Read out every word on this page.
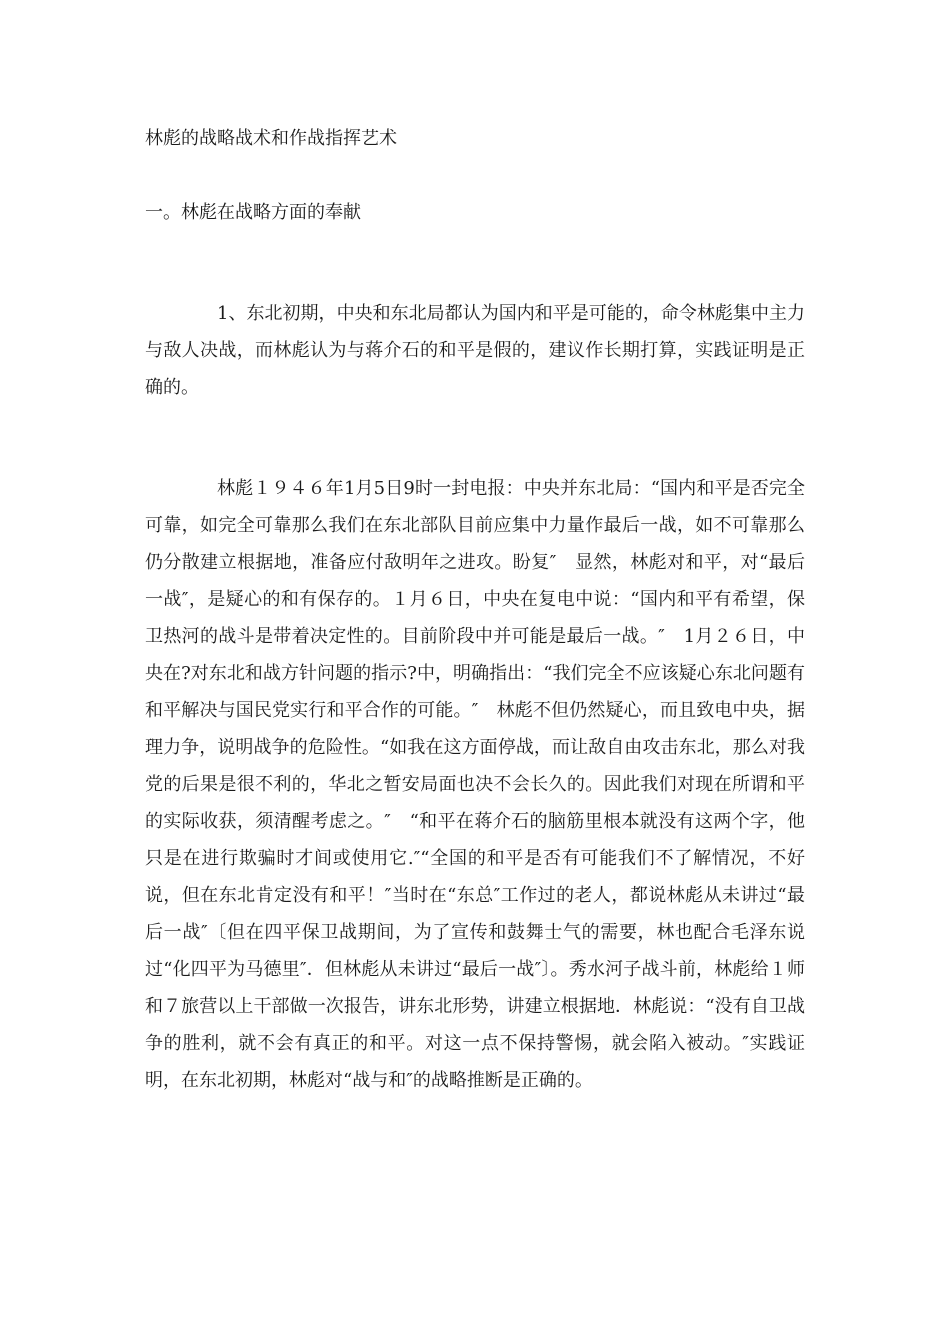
林彪的战略战术和作战指挥艺术
一。林彪在战略方面的奉献

1、东北初期，中央和东北局都认为国内和平是可能的，命令林彪集中主力与敌人决战，而林彪认为与蒋介石的和平是假的，建议作长期打算，实践证明是正确的。

林彪１９４６年1月5日9时一封电报：中央并东北局：“国内和平是否完全可靠，如完全可靠那么我们在东北部队目前应集中力量作最后一战，如不可靠那么仍分散建立根据地，准备应付敌明年之进攻。盼复″　显然，林彪对和平，对“最后一战″，是疑心的和有保存的。１月６日，中央在复电中说：“国内和平有希望，保卫热河的战斗是带着决定性的。目前阶段中并可能是最后一战。″　1月２６日，中央在?对东北和战方针问题的指示?中，明确指出：“我们完全不应该疑心东北问题有和平解决与国民党实行和平合作的可能。″　林彪不但仍然疑心，而且致电中央，据理力争，说明战争的危险性。“如我在这方面停战，而让敌自由攻击东北，那么对我党的后果是很不利的，华北之暂安局面也决不会长久的。因此我们对现在所谓和平的实际收获，须清醒考虑之。″　“和平在蒋介石的脑筋里根本就没有这两个字，他只是在进行欺骗时才间或使用它.″“全国的和平是否有可能我们不了解情况，不好说，但在东北肯定没有和平！″当时在“东总″工作过的老人，都说林彪从未讲过“最后一战″〔但在四平保卫战期间，为了宣传和鼓舞士气的需要，林也配合毛泽东说过“化四平为马德里″．但林彪从未讲过“最后一战″〕。秀水河子战斗前，林彪给１师和７旅营以上干部做一次报告，讲东北形势，讲建立根据地．林彪说：“没有自卫战争的胜利，就不会有真正的和平。对这一点不保持警惕，就会陷入被动。″实践证明，在东北初期，林彪对“战与和″的战略推断是正确的。
